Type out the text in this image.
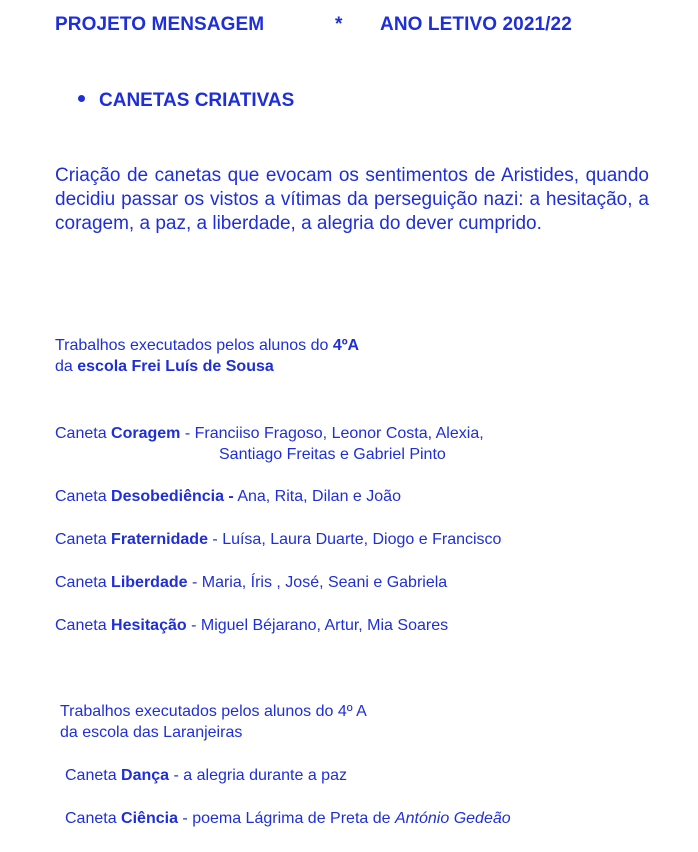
PROJETO MENSAGEM	* ANO LETIVO 2021/22
CANETAS CRIATIVAS
Criação de canetas que evocam os sentimentos de Aristides, quando decidiu passar os vistos a vítimas da perseguição nazi: a hesitação, a coragem, a paz, a liberdade, a alegria do dever cumprido.
Trabalhos executados pelos alunos do 4ºA
da escola Frei Luís de Sousa
Caneta Coragem - Franciiso Fragoso, Leonor Costa, Alexia,
Santiago Freitas e Gabriel Pinto
Caneta Desobediência - Ana, Rita, Dilan e João
Caneta Fraternidade - Luísa, Laura Duarte, Diogo e Francisco
Caneta Liberdade - Maria, Íris , José, Seani e Gabriela
Caneta Hesitação - Miguel Béjarano, Artur, Mia Soares
Trabalhos executados pelos alunos do 4º A
da escola das Laranjeiras
Caneta Dança - a alegria durante a paz
Caneta Ciência - poema Lágrima de Preta de António Gedeão
